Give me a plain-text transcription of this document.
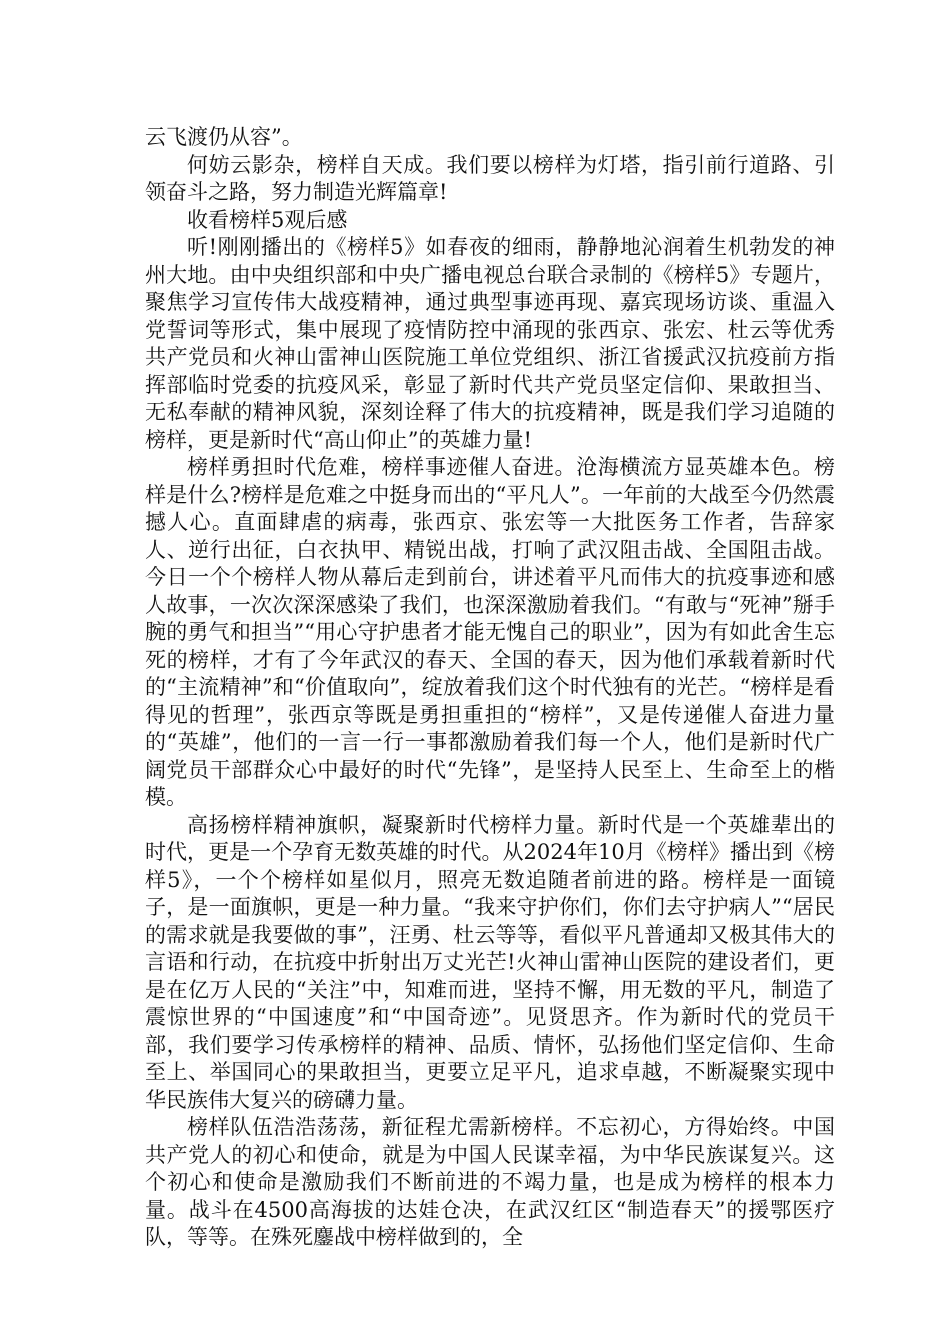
云飞渡仍从容”。

何妨云影杂，榜样自天成。我们要以榜样为灯塔，指引前行道路、引领奋斗之路，努力制造光辉篇章!

收看榜样5观后感

听!刚刚播出的《榜样5》如春夜的细雨，静静地沁润着生机勃发的神州大地。由中央组织部和中央广播电视总台联合录制的《榜样5》专题片，聚焦学习宣传伟大战疫精神，通过典型事迹再现、嘉宾现场访谈、重温入党誓词等形式，集中展现了疫情防控中涌现的张西京、张宏、杜云等优秀共产党员和火神山雷神山医院施工单位党组织、浙江省援武汉抗疫前方指挥部临时党委的抗疫风采，彰显了新时代共产党员坚定信仰、果敢担当、无私奉献的精神风貌，深刻诠释了伟大的抗疫精神，既是我们学习追随的榜样，更是新时代“高山仰止”的英雄力量!

榜样勇担时代危难，榜样事迹催人奋进。沧海横流方显英雄本色。榜样是什么?榜样是危难之中挺身而出的“平凡人”。一年前的大战至今仍然震撼人心。直面肆虐的病毒，张西京、张宏等一大批医务工作者，告辞家人、逆行出征，白衣执甲、精锐出战，打响了武汉阻击战、全国阻击战。今日一个个榜样人物从幕后走到前台，讲述着平凡而伟大的抗疫事迹和感人故事，一次次深深感染了我们，也深深激励着我们。“有敢与“死神”掰手腕的勇气和担当”“用心守护患者才能无愧自己的职业”，因为有如此舍生忘死的榜样，才有了今年武汉的春天、全国的春天，因为他们承载着新时代的“主流精神”和“价值取向”，绽放着我们这个时代独有的光芒。“榜样是看得见的哲理”，张西京等既是勇担重担的“榜样”，又是传递催人奋进力量的“英雄”，他们的一言一行一事都激励着我们每一个人，他们是新时代广阔党员干部群众心中最好的时代“先锋”，是坚持人民至上、生命至上的楷模。

高扬榜样精神旗帜，凝聚新时代榜样力量。新时代是一个英雄辈出的时代，更是一个孕育无数英雄的时代。从2024年10月《榜样》播出到《榜样5》，一个个榜样如星似月，照亮无数追随者前进的路。榜样是一面镜子，是一面旗帜，更是一种力量。“我来守护你们，你们去守护病人”“居民的需求就是我要做的事”，汪勇、杜云等等，看似平凡普通却又极其伟大的言语和行动，在抗疫中折射出万丈光芒!火神山雷神山医院的建设者们，更是在亿万人民的“关注”中，知难而进，坚持不懈，用无数的平凡，制造了震惊世界的“中国速度”和“中国奇迹”。见贤思齐。作为新时代的党员干部，我们要学习传承榜样的精神、品质、情怀，弘扬他们坚定信仰、生命至上、举国同心的果敢担当，更要立足平凡，追求卓越，不断凝聚实现中华民族伟大复兴的磅礴力量。

榜样队伍浩浩荡荡，新征程尤需新榜样。不忘初心，方得始终。中国共产党人的初心和使命，就是为中国人民谋幸福，为中华民族谋复兴。这个初心和使命是激励我们不断前进的不竭力量，也是成为榜样的根本力量。战斗在4500高海拔的达娃仓决，在武汉红区“制造春天”的援鄂医疗队，等等。在殊死鏖战中榜样做到的，全
